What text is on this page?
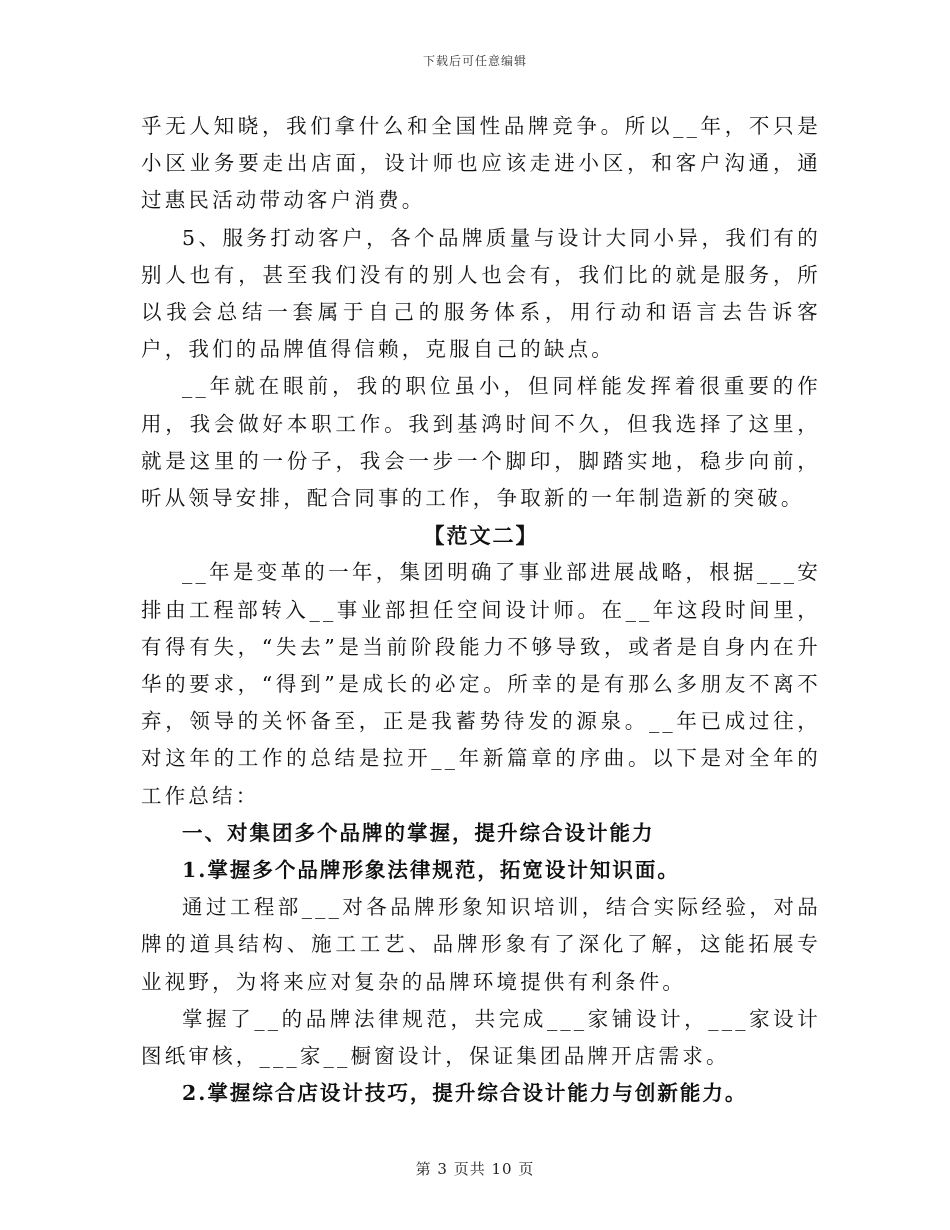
下载后可任意编辑

乎无人知晓，我们拿什么和全国性品牌竞争。所以__年，不只是小区业务要走出店面，设计师也应该走进小区，和客户沟通，通过惠民活动带动客户消费。

5、服务打动客户，各个品牌质量与设计大同小异，我们有的别人也有，甚至我们没有的别人也会有，我们比的就是服务，所以我会总结一套属于自己的服务体系，用行动和语言去告诉客户，我们的品牌值得信赖，克服自己的缺点。

__年就在眼前，我的职位虽小，但同样能发挥着很重要的作用，我会做好本职工作。我到基鸿时间不久，但我选择了这里，就是这里的一份子，我会一步一个脚印，脚踏实地，稳步向前，听从领导安排，配合同事的工作，争取新的一年制造新的突破。

【范文二】

__年是变革的一年，集团明确了事业部进展战略，根据___安排由工程部转入__事业部担任空间设计师。在__年这段时间里，有得有失，“失去”是当前阶段能力不够导致，或者是自身内在升华的要求，“得到”是成长的必定。所幸的是有那么多朋友不离不弃，领导的关怀备至，正是我蓄势待发的源泉。__年已成过往，对这年的工作的总结是拉开__年新篇章的序曲。以下是对全年的工作总结：

一、对集团多个品牌的掌握，提升综合设计能力

1.掌握多个品牌形象法律规范，拓宽设计知识面。

通过工程部___对各品牌形象知识培训，结合实际经验，对品牌的道具结构、施工工艺、品牌形象有了深化了解，这能拓展专业视野，为将来应对复杂的品牌环境提供有利条件。

掌握了__的品牌法律规范，共完成___家铺设计，___家设计图纸审核，___家__橱窗设计，保证集团品牌开店需求。

2.掌握综合店设计技巧，提升综合设计能力与创新能力。

第 3 页共 10 页
